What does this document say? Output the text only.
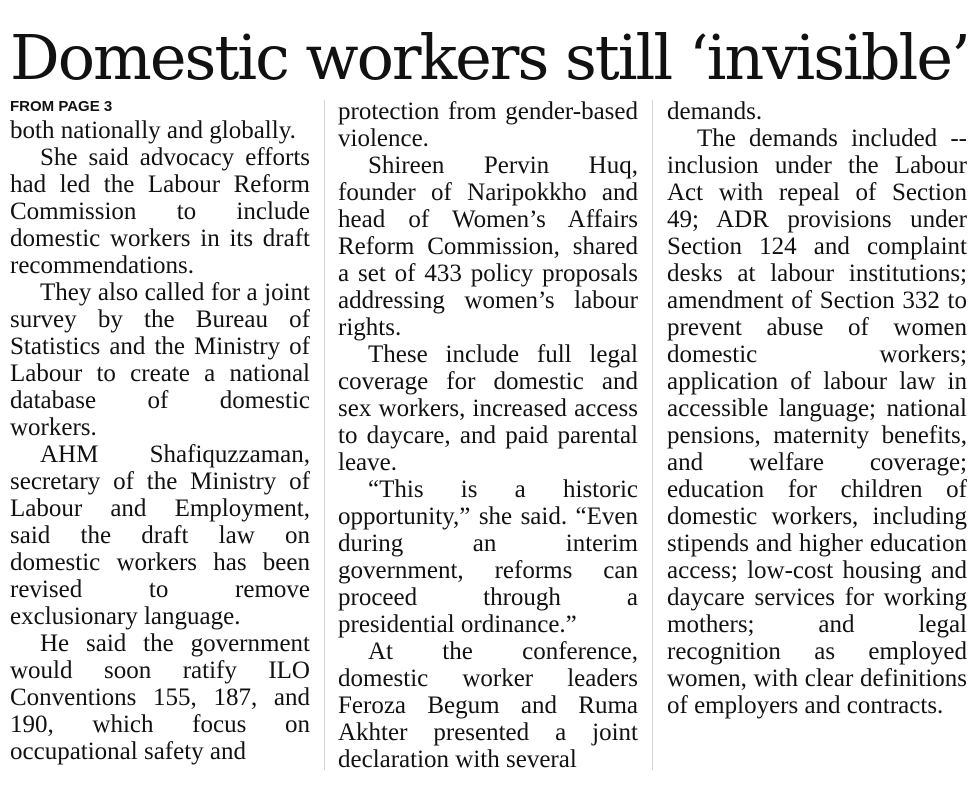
Domestic workers still ‘invisible’
FROM PAGE 3

both nationally and globally.

She said advocacy efforts had led the Labour Reform Commission to include domestic workers in its draft recommendations.

They also called for a joint survey by the Bureau of Statistics and the Ministry of Labour to create a national database of domestic workers.

AHM Shafiquzzaman, secretary of the Ministry of Labour and Employment, said the draft law on domestic workers has been revised to remove exclusionary language.

He said the government would soon ratify ILO Conventions 155, 187, and 190, which focus on occupational safety and

protection from gender-based violence.

Shireen Pervin Huq, founder of Naripokkho and head of Women’s Affairs Reform Commission, shared a set of 433 policy proposals addressing women’s labour rights.

These include full legal coverage for domestic and sex workers, increased access to daycare, and paid parental leave.

“This is a historic opportunity,” she said. “Even during an interim government, reforms can proceed through a presidential ordinance.”

At the conference, domestic worker leaders Feroza Begum and Ruma Akhter presented a joint declaration with several

demands.

The demands included -- inclusion under the Labour Act with repeal of Section 49; ADR provisions under Section 124 and complaint desks at labour institutions; amendment of Section 332 to prevent abuse of women domestic workers; application of labour law in accessible language; national pensions, maternity benefits, and welfare coverage; education for children of domestic workers, including stipends and higher education access; low-cost housing and daycare services for working mothers; and legal recognition as employed women, with clear definitions of employers and contracts.
